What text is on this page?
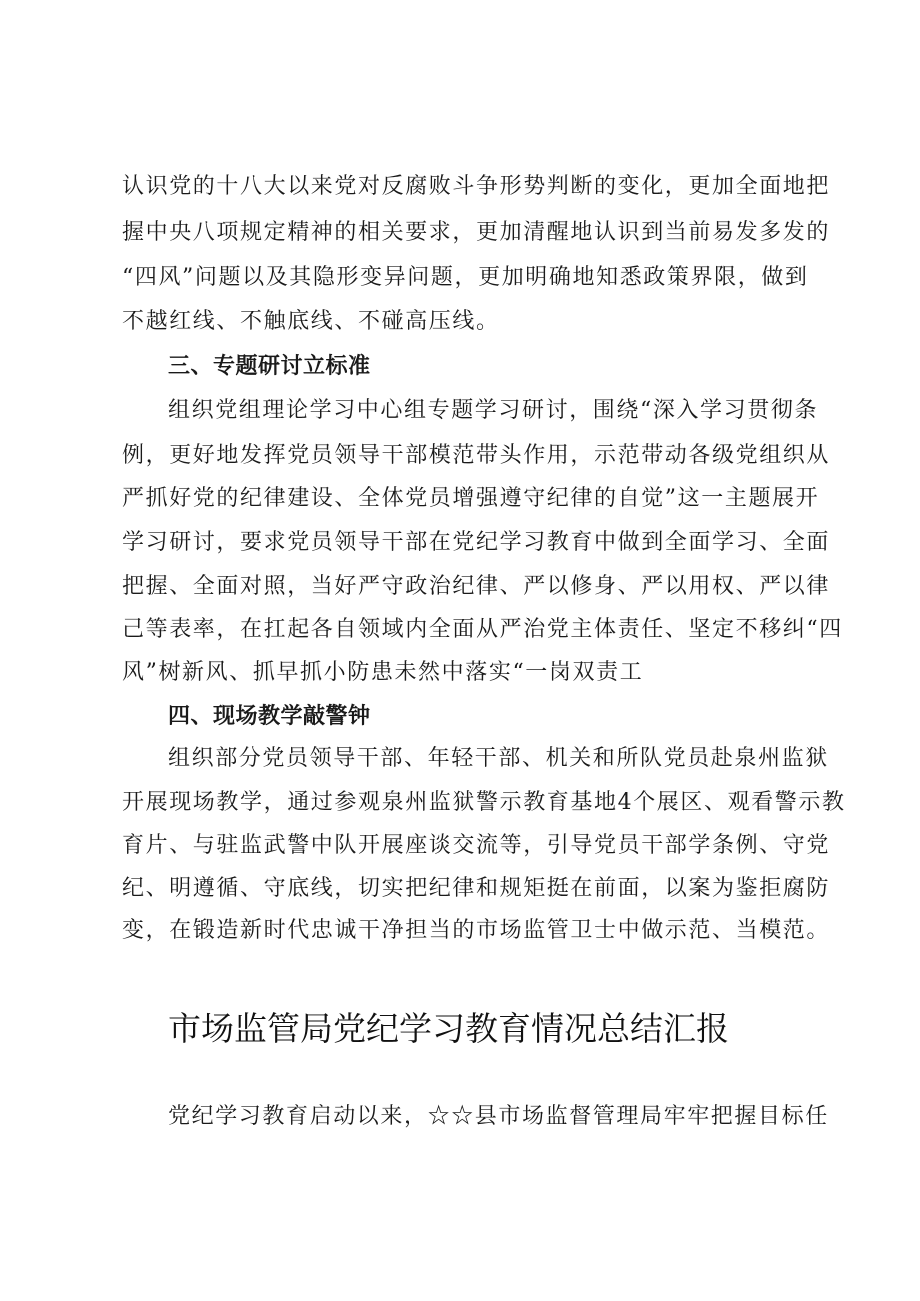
认识党的十八大以来党对反腐败斗争形势判断的变化，更加全面地把
握中央八项规定精神的相关要求，更加清醒地认识到当前易发多发的
“四风”问题以及其隐形变异问题，更加明确地知悉政策界限，做到
不越红线、不触底线、不碰高压线。
三、专题研讨立标准
组织党组理论学习中心组专题学习研讨，围绕“深入学习贯彻条
例，更好地发挥党员领导干部模范带头作用，示范带动各级党组织从
严抓好党的纪律建设、全体党员增强遵守纪律的自觉”这一主题展开
学习研讨，要求党员领导干部在党纪学习教育中做到全面学习、全面
把握、全面对照，当好严守政治纪律、严以修身、严以用权、严以律
己等表率，在扛起各自领域内全面从严治党主体责任、坚定不移纠“四
风”树新风、抓早抓小防患未然中落实“一岗双责工
四、现场教学敲警钟
组织部分党员领导干部、年轻干部、机关和所队党员赴泉州监狱
开展现场教学，通过参观泉州监狱警示教育基地4个展区、观看警示教
育片、与驻监武警中队开展座谈交流等，引导党员干部学条例、守党
纪、明遵循、守底线，切实把纪律和规矩挺在前面，以案为鉴拒腐防
变，在锻造新时代忠诚干净担当的市场监管卫士中做示范、当模范。
市场监管局党纪学习教育情况总结汇报
党纪学习教育启动以来，☆☆县市场监督管理局牢牢把握目标任
